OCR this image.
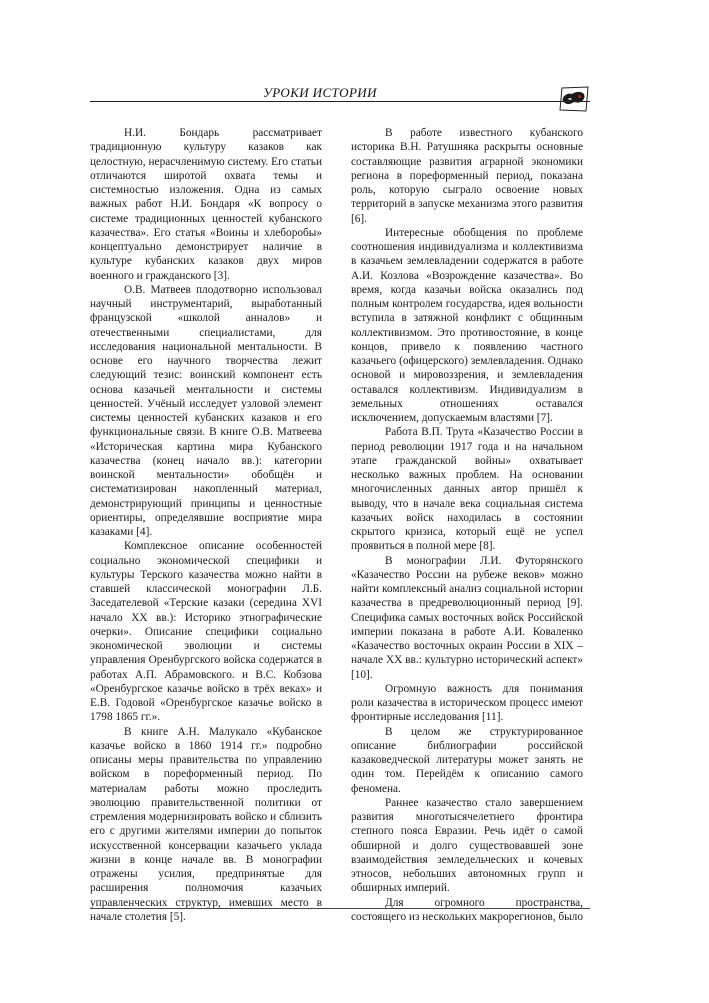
УРОКИ ИСТОРИИ

Н.И. Бондарь рассматривает традиционную культуру казаков как целостную, нерасчленимую систему. Его статьи отличаются широтой охвата темы и системностью изложения. Одна из самых важных работ Н.И. Бондаря «К вопросу о системе традиционных ценностей кубанского казачества». Его статья «Воины и хлеборобы» концептуально демонстрирует наличие в культуре кубанских казаков двух миров военного и гражданского [3].

О.В. Матвеев плодотворно использовал научный инструментарий, выработанный французской «школой анналов» и отечественными специалистами, для исследования национальной ментальности. В основе его научного творчества лежит следующий тезис: воинский компонент есть основа казачьей ментальности и системы ценностей. Учёный исследует узловой элемент системы ценностей кубанских казаков и его функциональные связи. В книге О.В. Матвеева «Историческая картина мира Кубанского казачества (конец начало вв.): категории воинской ментальности» обобщён и систематизирован накопленный материал, демонстрирующий принципы и ценностные ориентиры, определявшие восприятие мира казаками [4].

Комплексное описание особенностей социально экономической специфики и культуры Терского казачества можно найти в ставшей классической монографии Л.Б. Заседателевой «Терские казаки (середина XVI начало XX вв.): Историко этнографические очерки». Описание специфики социально экономической эволюции и системы управления Оренбургского войска содержатся в работах А.П. Абрамовского. и В.С. Кобзова «Оренбургское казачье войско в трёх веках» и Е.В. Годовой «Оренбургское казачье войско в 1798 1865 гг.».

В книге А.Н. Малукало «Кубанское казачье войско в 1860 1914 гг.» подробно описаны меры правительства по управлению войском в пореформенный период. По материалам работы можно проследить эволюцию правительственной политики от стремления модернизировать войско и сблизить его с другими жителями империи до попыток искусственной консервации казачьего уклада жизни в конце начале вв. В монографии отражены усилия, предпринятые для расширения полномочия казачьих управленческих структур, имевших место в начале столетия [5].

В работе известного кубанского историка В.Н. Ратушняка раскрыты основные составляющие развития аграрной экономики региона в пореформенный период, показана роль, которую сыграло освоение новых территорий в запуске механизма этого развития [6].

Интересные обобщения по проблеме соотношения индивидуализма и коллективизма в казачьем землевладении содержатся в работе А.И. Козлова «Возрождение казачества». Во время, когда казачьи войска оказались под полным контролем государства, идея вольности вступила в затяжной конфликт с общинным коллективизмом. Это противостояние, в конце концов, привело к появлению частного казачьего (офицерского) землевладения. Однако основой и мировоззрения, и землевладения оставался коллективизм. Индивидуализм в земельных отношениях оставался исключением, допускаемым властями [7].

Работа В.П. Трута «Казачество России в период революции 1917 года и на начальном этапе гражданской войны» охватывает несколько важных проблем. На основании многочисленных данных автор пришёл к выводу, что в начале века социальная система казачьих войск находилась в состоянии скрытого кризиса, который ещё не успел проявиться в полной мере [8].

В монографии Л.И. Футорянского «Казачество России на рубеже веков» можно найти комплексный анализ социальной истории казачества в предреволюционный период [9]. Специфика самых восточных войск Российской империи показана в работе А.И. Коваленко «Казачество восточных окраин России в XIX – начале XX вв.: культурно исторический аспект» [10].

Огромную важность для понимания роли казачества в историческом процесс имеют фронтирные исследования [11].

В целом же структурированное описание библиографии российской казаковедческой литературы может занять не один том. Перейдём к описанию самого феномена.

Раннее казачество стало завершением развития многотысячелетнего фронтира степного пояса Евразии. Речь идёт о самой обширной и долго существовавшей зоне взаимодействия земледельческих и кочевых этносов, небольших автономных групп и обширных империй.

Для огромного пространства, состоящего из нескольких макрорегионов, было
